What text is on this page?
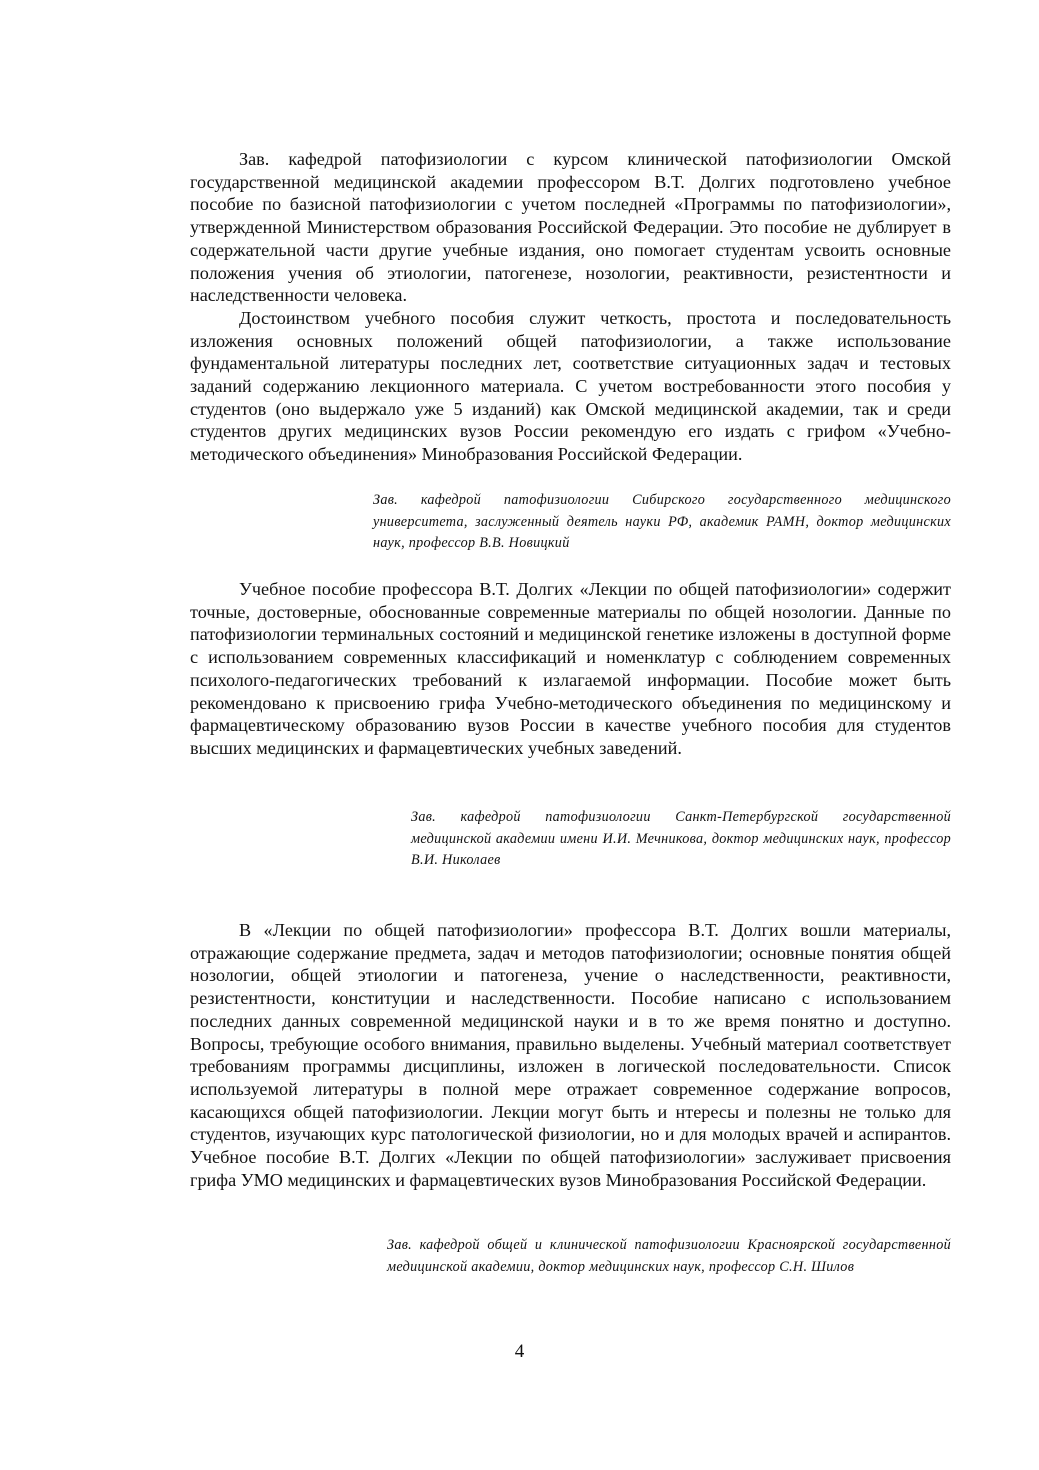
Зав. кафедрой патофизиологии с курсом клинической патофизиологии Омской государственной медицинской академии профессором В.Т. Долгих подготовлено учебное пособие по базисной патофизиологии с учетом последней «Программы по патофизиологии», утвержденной Министерством образования Российской Федерации. Это пособие не дублирует в содержательной части другие учебные издания, оно помогает студентам усвоить основные положения учения об этиологии, патогенезе, нозологии, реактивности, резистентности и наследственности человека.

Достоинством учебного пособия служит четкость, простота и последовательность изложения основных положений общей патофизиологии, а также использование фундаментальной литературы последних лет, соответствие ситуационных задач и тестовых заданий содержанию лекционного материала. С учетом востребованности этого пособия у студентов (оно выдержало уже 5 изданий) как Омской медицинской академии, так и среди студентов других медицинских вузов России рекомендую его издать с грифом «Учебно-методического объединения» Минобразования Российской Федерации.

Зав. кафедрой патофизиологии Сибирского государственного медицинского университета, заслуженный деятель науки РФ, академик РАМН, доктор медицинских наук, профессор В.В. Новицкий

Учебное пособие профессора В.Т. Долгих «Лекции по общей патофизиологии» содержит точные, достоверные, обоснованные современные материалы по общей нозологии. Данные по патофизиологии терминальных состояний и медицинской генетике изложены в доступной форме с использованием современных классификаций и номенклатур с соблюдением современных психолого-педагогических требований к излагаемой информации. Пособие может быть рекомендовано к присвоению грифа Учебно-методического объединения по медицинскому и фармацевтическому образованию вузов России в качестве учебного пособия для студентов высших медицинских и фармацевтических учебных заведений.

Зав. кафедрой патофизиологии Санкт-Петербургской государственной медицинской академии имени И.И. Мечникова, доктор медицинских наук, профессор В.И. Николаев

В «Лекции по общей патофизиологии» профессора В.Т. Долгих вошли материалы, отражающие содержание предмета, задач и методов патофизиологии; основные понятия общей нозологии, общей этиологии и патогенеза, учение о наследственности, реактивности, резистентности, конституции и наследственности. Пособие написано с использованием последних данных современной медицинской науки и в то же время понятно и доступно. Вопросы, требующие особого внимания, правильно выделены. Учебный материал соответствует требованиям программы дисциплины, изложен в логической последовательности. Список используемой литературы в полной мере отражает современное содержание вопросов, касающихся общей патофизиологии. Лекции могут быть и нтересы и полезны не только для студентов, изучающих курс патологической физиологии, но и для молодых врачей и аспирантов. Учебное пособие В.Т. Долгих «Лекции по общей патофизиологии» заслуживает присвоения грифа УМО медицинских и фармацевтических вузов Минобразования Российской Федерации.

Зав. кафедрой общей и клинической патофизиологии Красноярской государственной медицинской академии, доктор медицинских наук, профессор С.Н. Шилов

4
